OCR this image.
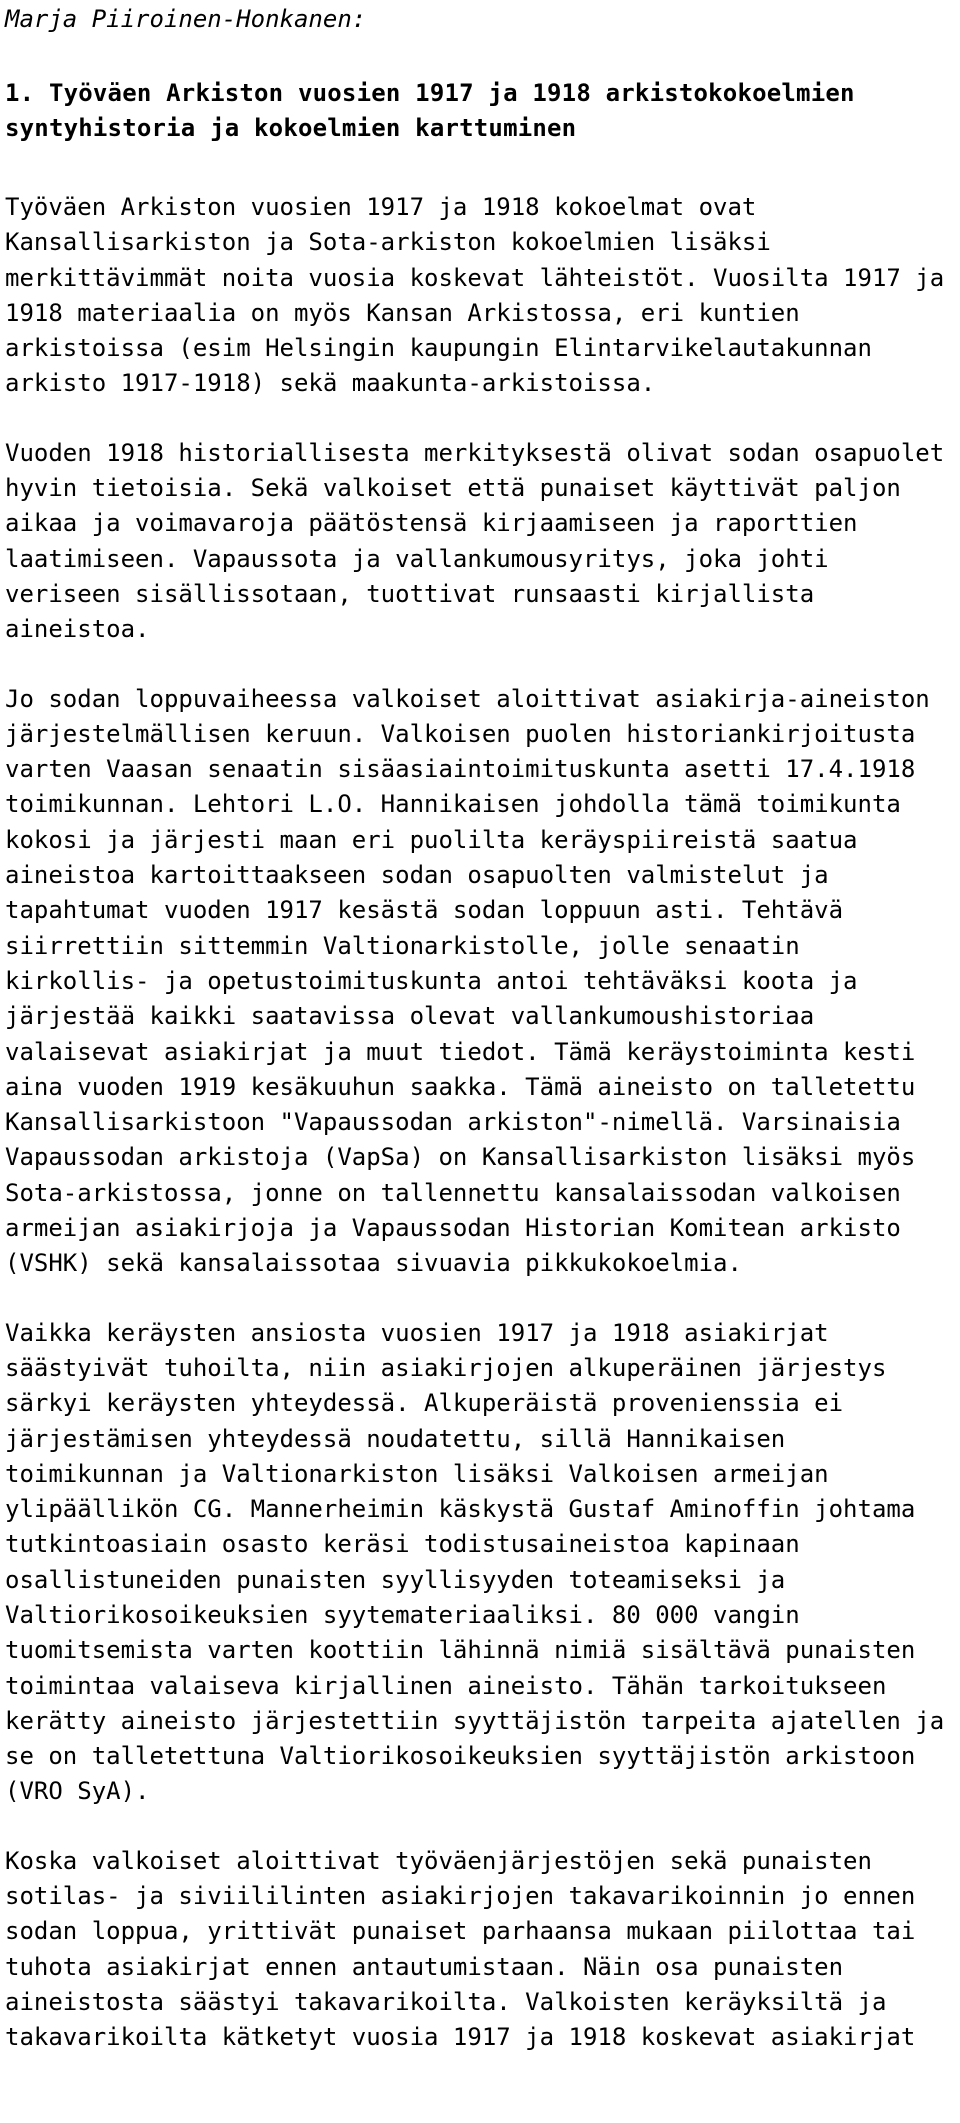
Marja Piiroinen-Honkanen:

1. Työväen Arkiston vuosien 1917 ja 1918 arkistokokoelmien syntyhistoria ja kokoelmien karttuminen

Työväen Arkiston vuosien 1917 ja 1918 kokoelmat ovat Kansallisarkiston ja Sota-arkiston kokoelmien lisäksi merkittävimmät noita vuosia koskevat lähteistöt. Vuosilta 1917 ja 1918 materiaalia on myös Kansan Arkistossa, eri kuntien arkistoissa (esim Helsingin kaupungin Elintarvikelautakunnan arkisto 1917-1918) sekä maakunta-arkistoissa.

Vuoden 1918 historiallisesta merkityksestä olivat sodan osapuolet hyvin tietoisia. Sekä valkoiset että punaiset käyttivät paljon aikaa ja voimavaroja päätöstensä kirjaamiseen ja raporttien laatimiseen. Vapaussota ja vallankumousyritys, joka johti veriseen sisällissotaan, tuottivat runsaasti kirjallista aineistoa.

Jo sodan loppuvaiheessa valkoiset aloittivat asiakirja-aineiston järjestelmällisen keruun. Valkoisen puolen historiankirjoitusta varten Vaasan senaatin sisäasiaintoimituskunta asetti 17.4.1918 toimikunnan. Lehtori L.O. Hannikaisen johdolla tämä toimikunta kokosi ja järjesti maan eri puolilta keräyspiireistä saatua aineistoa kartoittaakseen sodan osapuolten valmistelut ja tapahtumat vuoden 1917 kesästä sodan loppuun asti. Tehtävä siirrettiin sittemmin Valtionarkistolle, jolle senaatin kirkollis- ja opetustoimituskunta antoi tehtäväksi koota ja järjestää kaikki saatavissa olevat vallankumoushistoriaa valaisevat asiakirjat ja muut tiedot. Tämä keräystoiminta kesti aina vuoden 1919 kesäkuuhun saakka. Tämä aineisto on talletettu Kansallisarkistoon "Vapaussodan arkiston"-nimellä. Varsinaisia Vapaussodan arkistoja (VapSa) on Kansallisarkiston lisäksi myös Sota-arkistossa, jonne on tallennettu kansalaissodan valkoisen armeijan asiakirjoja ja Vapaussodan Historian Komitean arkisto (VSHK) sekä kansalaissotaa sivuavia pikkukokoelmia.

Vaikka keräysten ansiosta vuosien 1917 ja 1918 asiakirjat säästyivät tuhoilta, niin asiakirjojen alkuperäinen järjestys särkyi keräysten yhteydessä. Alkuperäistä provenienssia ei järjestämisen yhteydessä noudatettu, sillä Hannikaisen toimikunnan ja Valtionarkiston lisäksi Valkoisen armeijan ylipäällikön CG. Mannerheimin käskystä Gustaf Aminoffin johtama tutkintoasiain osasto keräsi todistusaineistoa kapinaan osallistuneiden punaisten syyllisyyden toteamiseksi ja Valtiorikosoikeuksien syytemateriaaliksi. 80 000 vangin tuomitsemista varten koottiin lähinnä nimiä sisältävä punaisten toimintaa valaiseva kirjallinen aineisto. Tähän tarkoitukseen kerätty aineisto järjestettiin syyttäjistön tarpeita ajatellen ja se on talletettuna Valtiorikosoikeuksien syyttäjistön arkistoon (VRO SyA).

Koska valkoiset aloittivat työväenjärjestöjen sekä punaisten sotilas- ja siviililinten asiakirjojen takavarikoinnin jo ennen sodan loppua, yrittivät punaiset parhaansa mukaan piilottaa tai tuhota asiakirjat ennen antautumistaan. Näin osa punaisten aineistosta säästyi takavarikoilta. Valkoisten keräyksiltä ja takavarikoilta kätketyt vuosia 1917 ja 1918 koskevat asiakirjat
